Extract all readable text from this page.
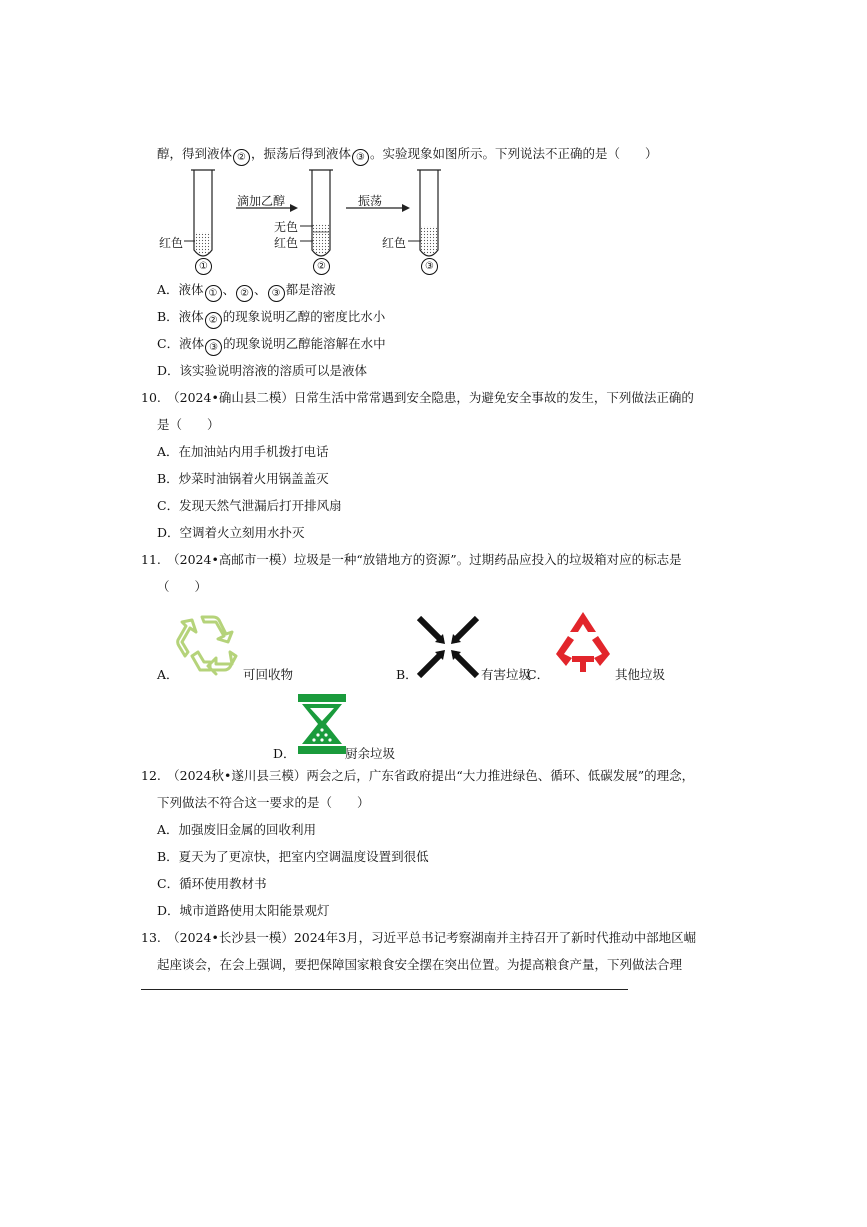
醇，得到液体 ② ，振荡后得到液体 ③ 。实验现象如图所示。下列说法不正确的是（　　）
红色
滴加乙醇
无色
红色
振荡
红色
①	②	③
A．液体 ① 、 ② 、 ③ 都是溶液
B．液体 ② 的现象说明乙醇的密度比水小
C．液体 ③ 的现象说明乙醇能溶解在水中
D．该实验说明溶液的溶质可以是液体
10.　（2024•确山县二模）日常生活中常常遇到安全隐患，为避免安全事故的发生，下列做法正确的
是（　　）
A．在加油站内用手机拨打电话
B．炒菜时油锅着火用锅盖盖灭
C．发现天然气泄漏后打开排风扇
D．空调着火立刻用水扑灭
11.　（2024•高邮市一模）垃圾是一种“放错地方的资源”。过期药品应投入的垃圾箱对应的标志是
（　　）
A．	可回收物	B．	有害垃圾
C．	其他垃圾
D．	厨余垃圾
12.　（2024秋•遂川县三模）两会之后，广东省政府提出“大力推进绿色、循环、低碳发展”的理念，
下列做法不符合这一要求的是（　　）
A．加强废旧金属的回收利用
B．夏天为了更凉快，把室内空调温度设置到很低
C．循环使用教材书
D．城市道路使用太阳能景观灯
13.　（2024•长沙县一模）2024年3月，习近平总书记考察湖南并主持召开了新时代推动中部地区崛
起座谈会，在会上强调，要把保障国家粮食安全摆在突出位置。为提高粮食产量，下列做法合理
